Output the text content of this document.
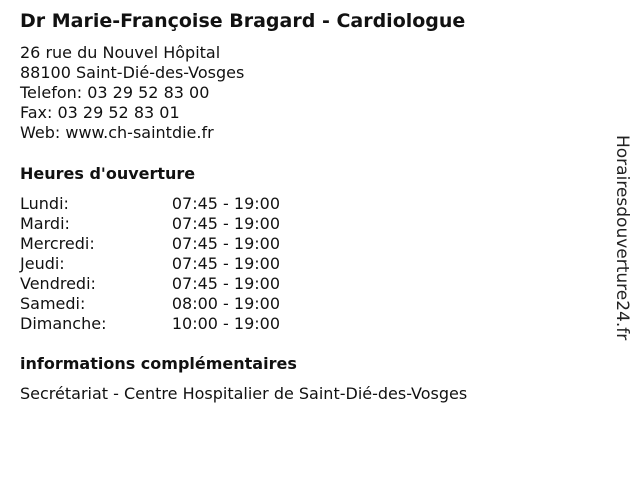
Dr Marie-Françoise Bragard - Cardiologue
26 rue du Nouvel Hôpital
88100 Saint-Dié-des-Vosges
Telefon: 03 29 52 83 00
Fax: 03 29 52 83 01
Web: www.ch-saintdie.fr
Heures d'ouverture
Lundi:	07:45 - 19:00
Mardi:	07:45 - 19:00
Mercredi:	07:45 - 19:00
Jeudi:	07:45 - 19:00
Vendredi:	07:45 - 19:00
Samedi:	08:00 - 19:00
Dimanche:	10:00 - 19:00
informations complémentaires
Secrétariat - Centre Hospitalier de Saint-Dié-des-Vosges
Horairesdouverture24.fr
